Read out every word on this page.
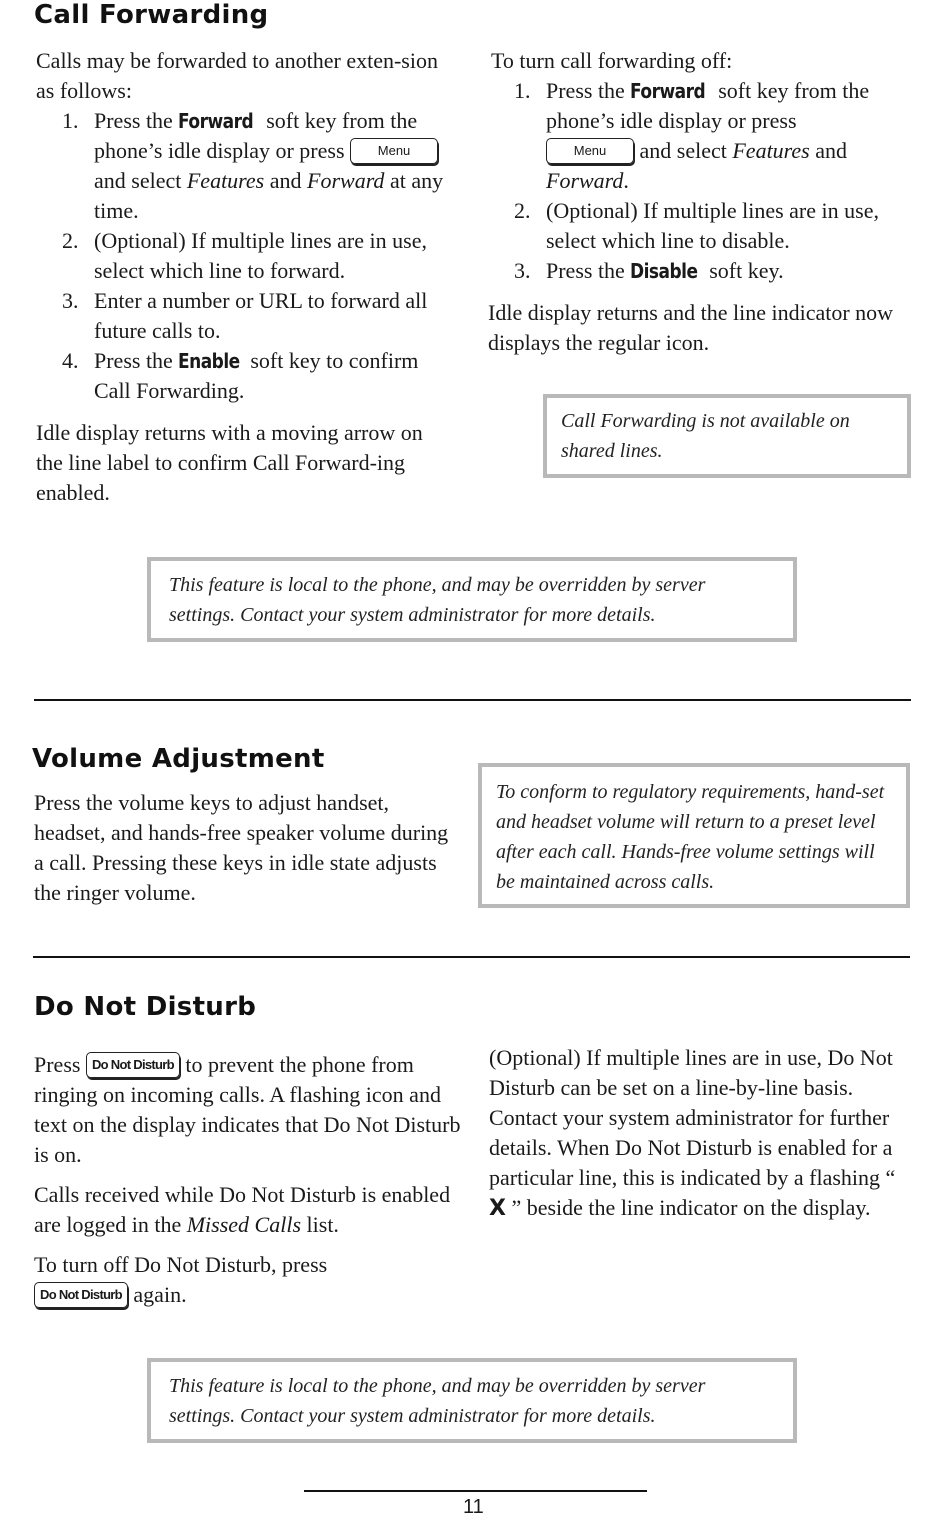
Call Forwarding

Calls may be forwarded to another exten-sion as follows:

1. Press the Forward soft key from the phone’s idle display or press Menu and select Features and Forward at any time.
2. (Optional) If multiple lines are in use, select which line to forward.
3. Enter a number or URL to forward all future calls to.
4. Press the Enable soft key to confirm Call Forwarding.

Idle display returns with a moving arrow on the line label to confirm Call Forward-ing enabled.

To turn call forwarding off:

1. Press the Forward soft key from the phone’s idle display or press Menu and select Features and Forward.
2. (Optional) If multiple lines are in use, select which line to disable.
3. Press the Disable soft key.

Idle display returns and the line indicator now displays the regular icon.

Call Forwarding is not available on shared lines.
This feature is local to the phone, and may be overridden by server settings. Contact your system administrator for more details.
Volume Adjustment

Press the volume keys to adjust handset, headset, and hands-free speaker volume during a call. Pressing these keys in idle state adjusts the ringer volume.

To conform to regulatory requirements, hand-set and headset volume will return to a preset level after each call. Hands-free volume settings will be maintained across calls.
Do Not Disturb

Press Do Not Disturb to prevent the phone from ringing on incoming calls. A flashing icon and text on the display indicates that Do Not Disturb is on.

Calls received while Do Not Disturb is enabled are logged in the Missed Calls list.

To turn off Do Not Disturb, press
Do Not Disturb again.

(Optional) If multiple lines are in use, Do Not Disturb can be set on a line-by-line basis. Contact your system administrator for further details. When Do Not Disturb is enabled for a particular line, this is indicated by a flashing “ X ” beside the line indicator on the display.

This feature is local to the phone, and may be overridden by server settings. Contact your system administrator for more details.
11
